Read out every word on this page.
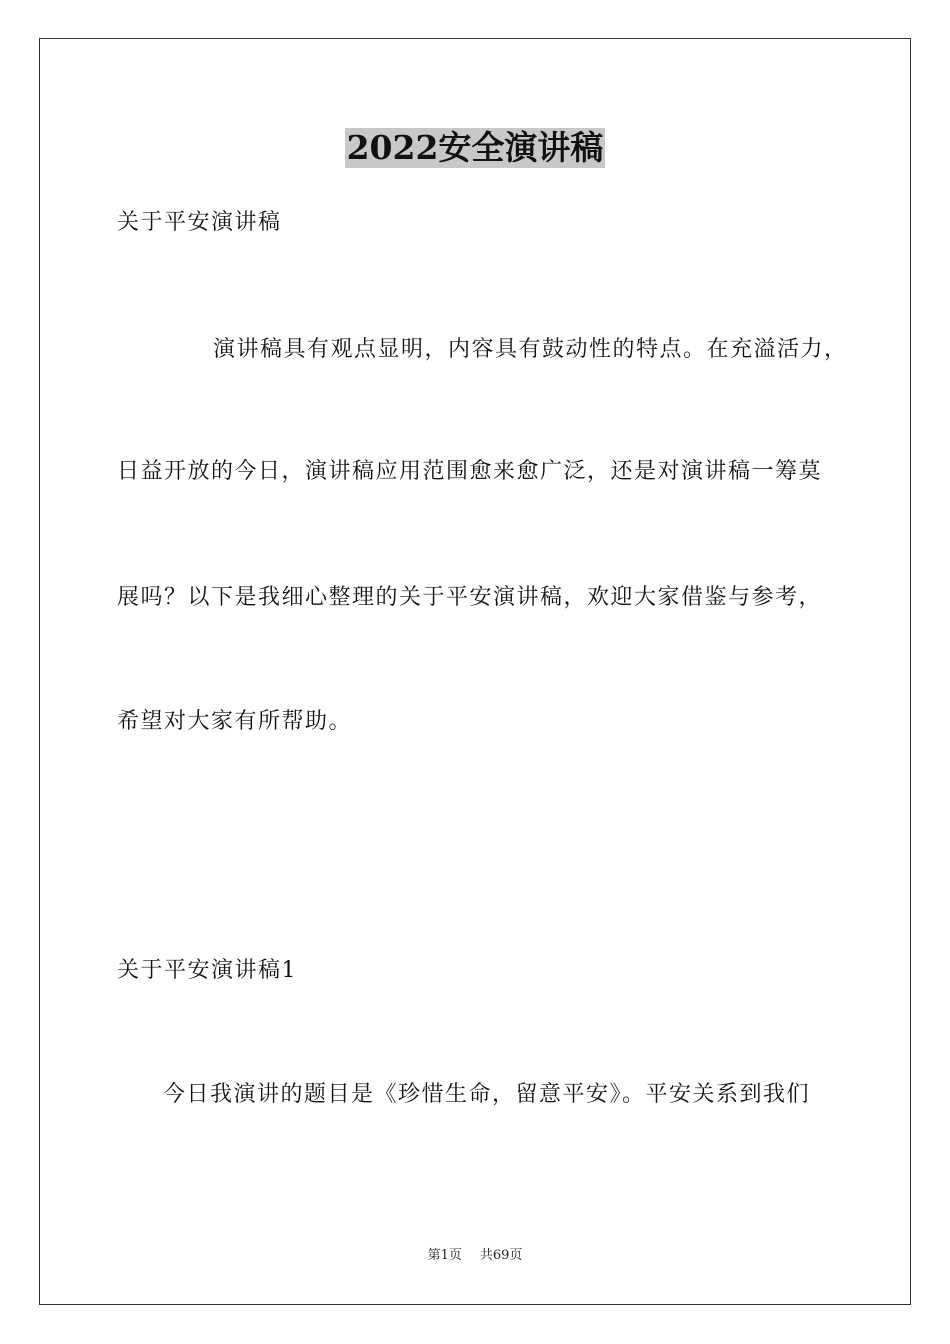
2022安全演讲稿
关于平安演讲稿
演讲稿具有观点显明，内容具有鼓动性的特点。在充溢活力，
日益开放的今日，演讲稿应用范围愈来愈广泛，还是对演讲稿一筹莫
展吗？以下是我细心整理的关于平安演讲稿，欢迎大家借鉴与参考，
希望对大家有所帮助。
关于平安演讲稿1
今日我演讲的题目是《珍惜生命，留意平安》。平安关系到我们
第1页 共69页
